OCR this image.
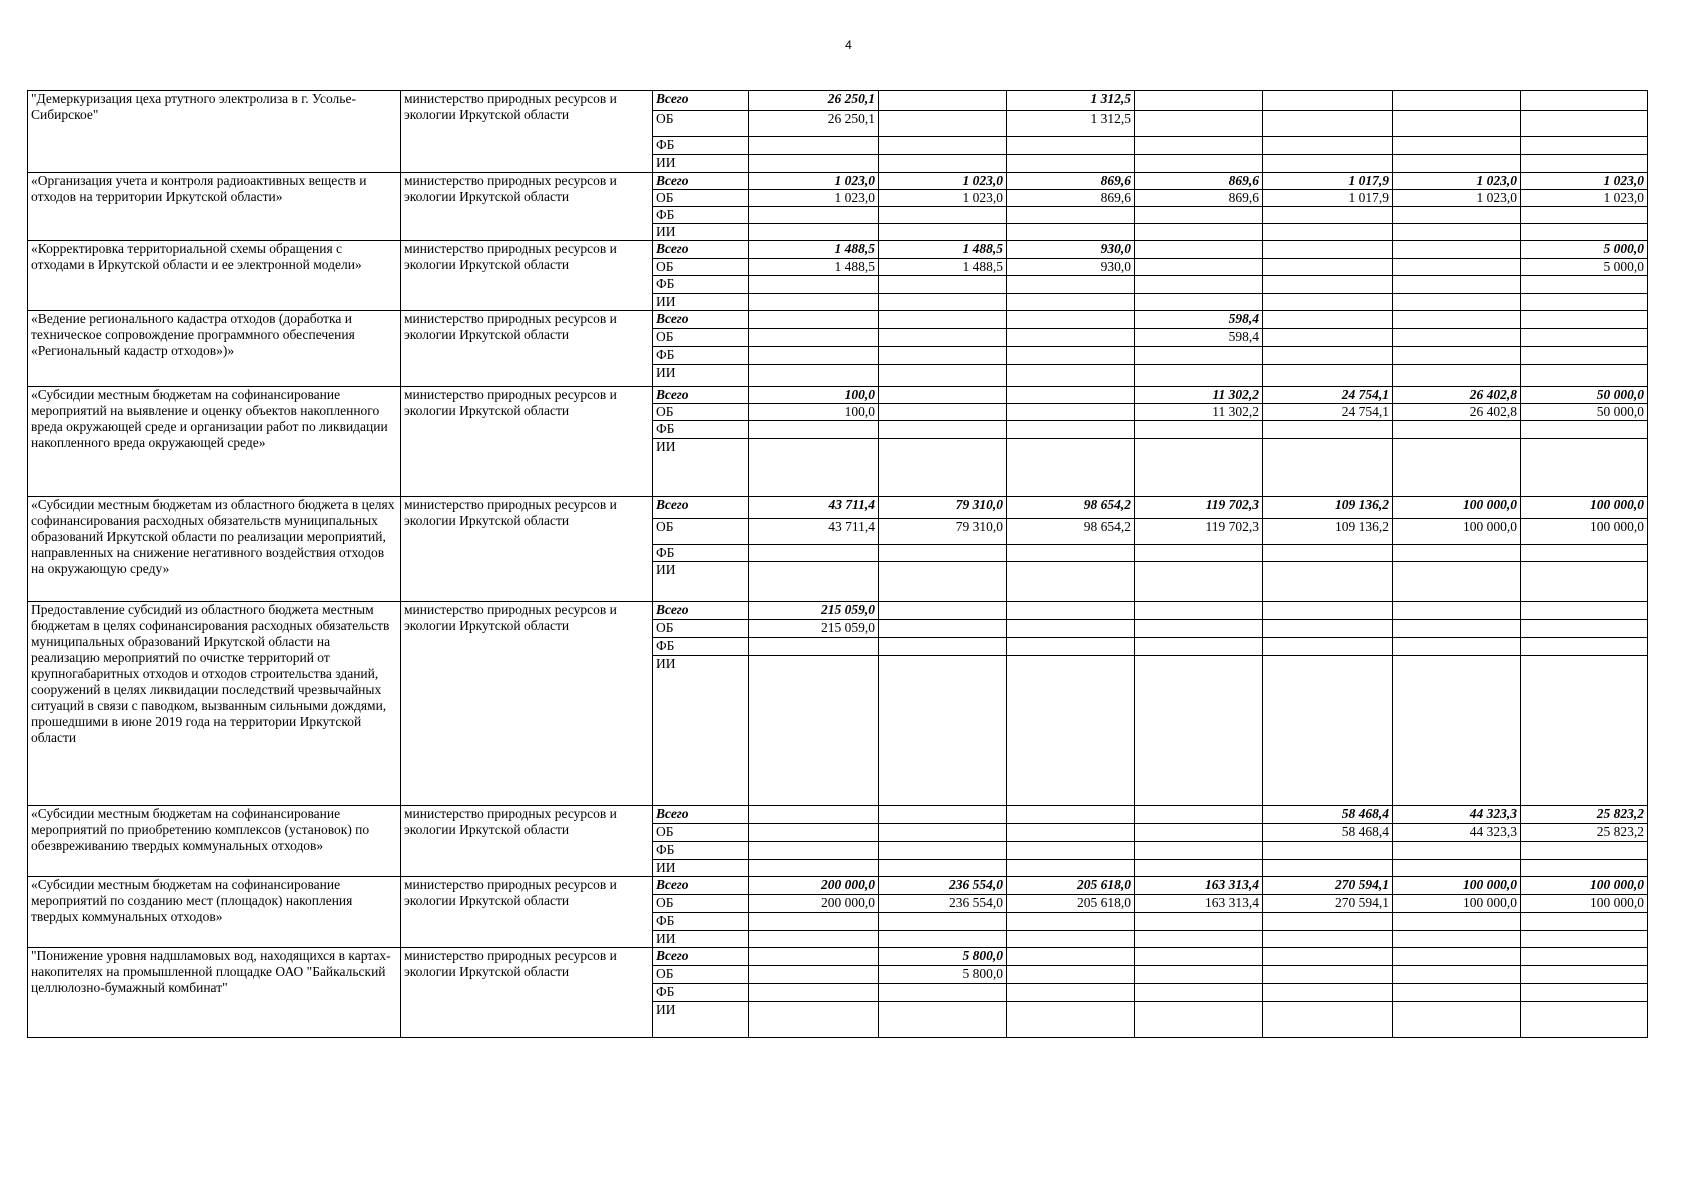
4
"Демеркуризация цеха ртутного электролиза в г. Усолье-Сибирское"	министерство природных ресурсов и экологии Иркутской области	Всего	26 250,1		1 312,5				
		ОБ	26 250,1		1 312,5				
		ФБ							
		ИИ							
«Организация учета и контроля радиоактивных веществ и отходов на территории Иркутской области»	министерство природных ресурсов и экологии Иркутской области	Всего	1 023,0	1 023,0	869,6	869,6	1 017,9	1 023,0	1 023,0
		ОБ	1 023,0	1 023,0	869,6	869,6	1 017,9	1 023,0	1 023,0
		ФБ							
		ИИ							
«Корректировка территориальной схемы обращения с отходами в Иркутской области и ее электронной модели»	министерство природных ресурсов и экологии Иркутской области	Всего	1 488,5	1 488,5	930,0				5 000,0
		ОБ	1 488,5	1 488,5	930,0				5 000,0
		ФБ							
		ИИ							
«Ведение регионального кадастра отходов (доработка и техническое сопровождение программного обеспечения «Региональный кадастр отходов»)»	министерство природных ресурсов и экологии Иркутской области	Всего				598,4			
		ОБ				598,4			
		ФБ							
		ИИ							
«Субсидии местным бюджетам на софинансирование мероприятий на выявление и оценку объектов накопленного вреда окружающей среде и организации работ по ликвидации накопленного вреда окружающей среде»	министерство природных ресурсов и экологии Иркутской области	Всего	100,0			11 302,2	24 754,1	26 402,8	50 000,0
		ОБ	100,0			11 302,2	24 754,1	26 402,8	50 000,0
		ФБ							
		ИИ							
«Субсидии местным бюджетам из областного бюджета в целях софинансирования расходных обязательств муниципальных образований Иркутской области по реализации мероприятий, направленных на снижение негативного воздействия отходов на окружающую среду»	министерство природных ресурсов и экологии Иркутской области	Всего	43 711,4	79 310,0	98 654,2	119 702,3	109 136,2	100 000,0	100 000,0
		ОБ	43 711,4	79 310,0	98 654,2	119 702,3	109 136,2	100 000,0	100 000,0
		ФБ							
		ИИ							
Предоставление субсидий из областного бюджета местным бюджетам в целях софинансирования расходных обязательств муниципальных образований Иркутской области на реализацию мероприятий по очистке территорий от крупногабаритных отходов и отходов строительства зданий, сооружений в целях ликвидации последствий чрезвычайных ситуаций в связи с паводком, вызванным сильными дождями, прошедшими в июне 2019 года на территории Иркутской области	министерство природных ресурсов и экологии Иркутской области	Всего	215 059,0						
		ОБ	215 059,0						
		ФБ							
		ИИ							
«Субсидии местным бюджетам на софинансирование мероприятий по приобретению комплексов (установок) по обезвреживанию твердых коммунальных отходов»	министерство природных ресурсов и экологии Иркутской области	Всего					58 468,4	44 323,3	25 823,2
		ОБ					58 468,4	44 323,3	25 823,2
		ФБ							
		ИИ							
«Субсидии местным бюджетам на софинансирование мероприятий по созданию мест (площадок) накопления твердых коммунальных отходов»	министерство природных ресурсов и экологии Иркутской области	Всего	200 000,0	236 554,0	205 618,0	163 313,4	270 594,1	100 000,0	100 000,0
		ОБ	200 000,0	236 554,0	205 618,0	163 313,4	270 594,1	100 000,0	100 000,0
		ФБ							
		ИИ							
"Понижение уровня надшламовых вод, находящихся в картах-накопителях на промышленной площадке ОАО "Байкальский целлюлозно-бумажный комбинат"	министерство природных ресурсов и экологии Иркутской области	Всего		5 800,0					
		ОБ		5 800,0					
		ФБ							
		ИИ							
